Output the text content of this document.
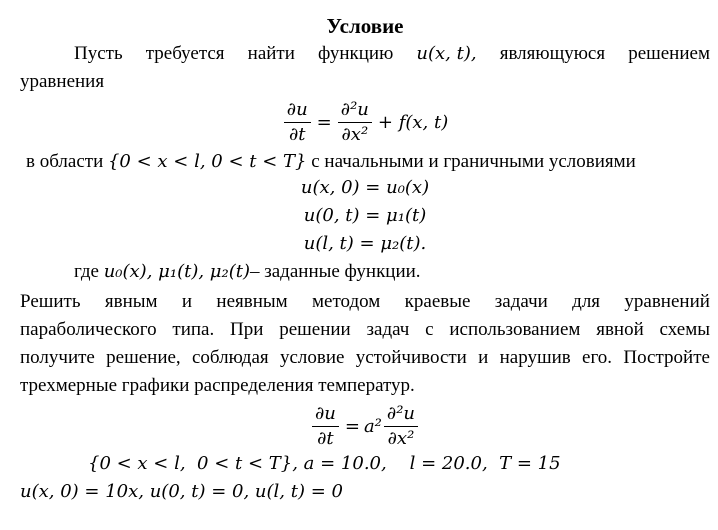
Условие
Пусть требуется найти функцию u(x, t), являющуюся решением
уравнения
$\frac{\partial u}{\partial t} = \frac{\text{∂²u}}{\text{∂x²}} + f(x$, t)
в области {0 < x < l, 0 < t < T} с начальными и граничными условиями
u(x, 0) = u₀(x)
u(0, t) = μ₁(t)
u(l, t) = μ₂(t).
где u₀(x), μ₁(t), μ₂(t)– заданные функции.
Решить явным и неявным методом краевые задачи для уравнений
параболического типа. При решении задач с использованием явной схемы
получите решение, соблюдая условие устойчивости и нарушив его. Постройте
трехмерные графики распределения температур.
$\frac{\partial u}{\partial t} = a^2 \frac{\text{∂²u}}{\text{∂x²}}$
{0 < x < l,  0 < t < T}, a = 10.0,    l = 20.0,  T = 15
u(x, 0) = 10x, u(0, t) = 0, u(l, t) = 0
